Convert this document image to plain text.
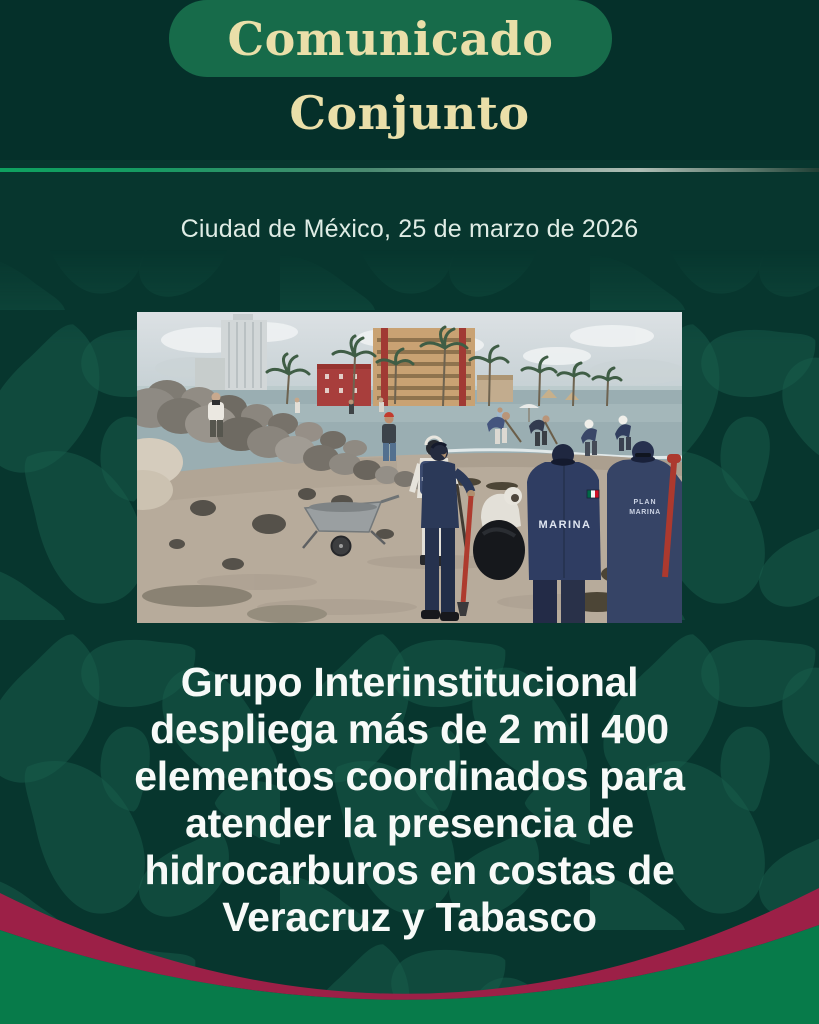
Comunicado
Conjunto
Ciudad de México, 25 de marzo de 2026
MARINA
PLAN
MARINA
Grupo Interinstitucional
despliega más de 2 mil 400
elementos coordinados para
atender la presencia de
hidrocarburos en costas de
Veracruz y Tabasco
